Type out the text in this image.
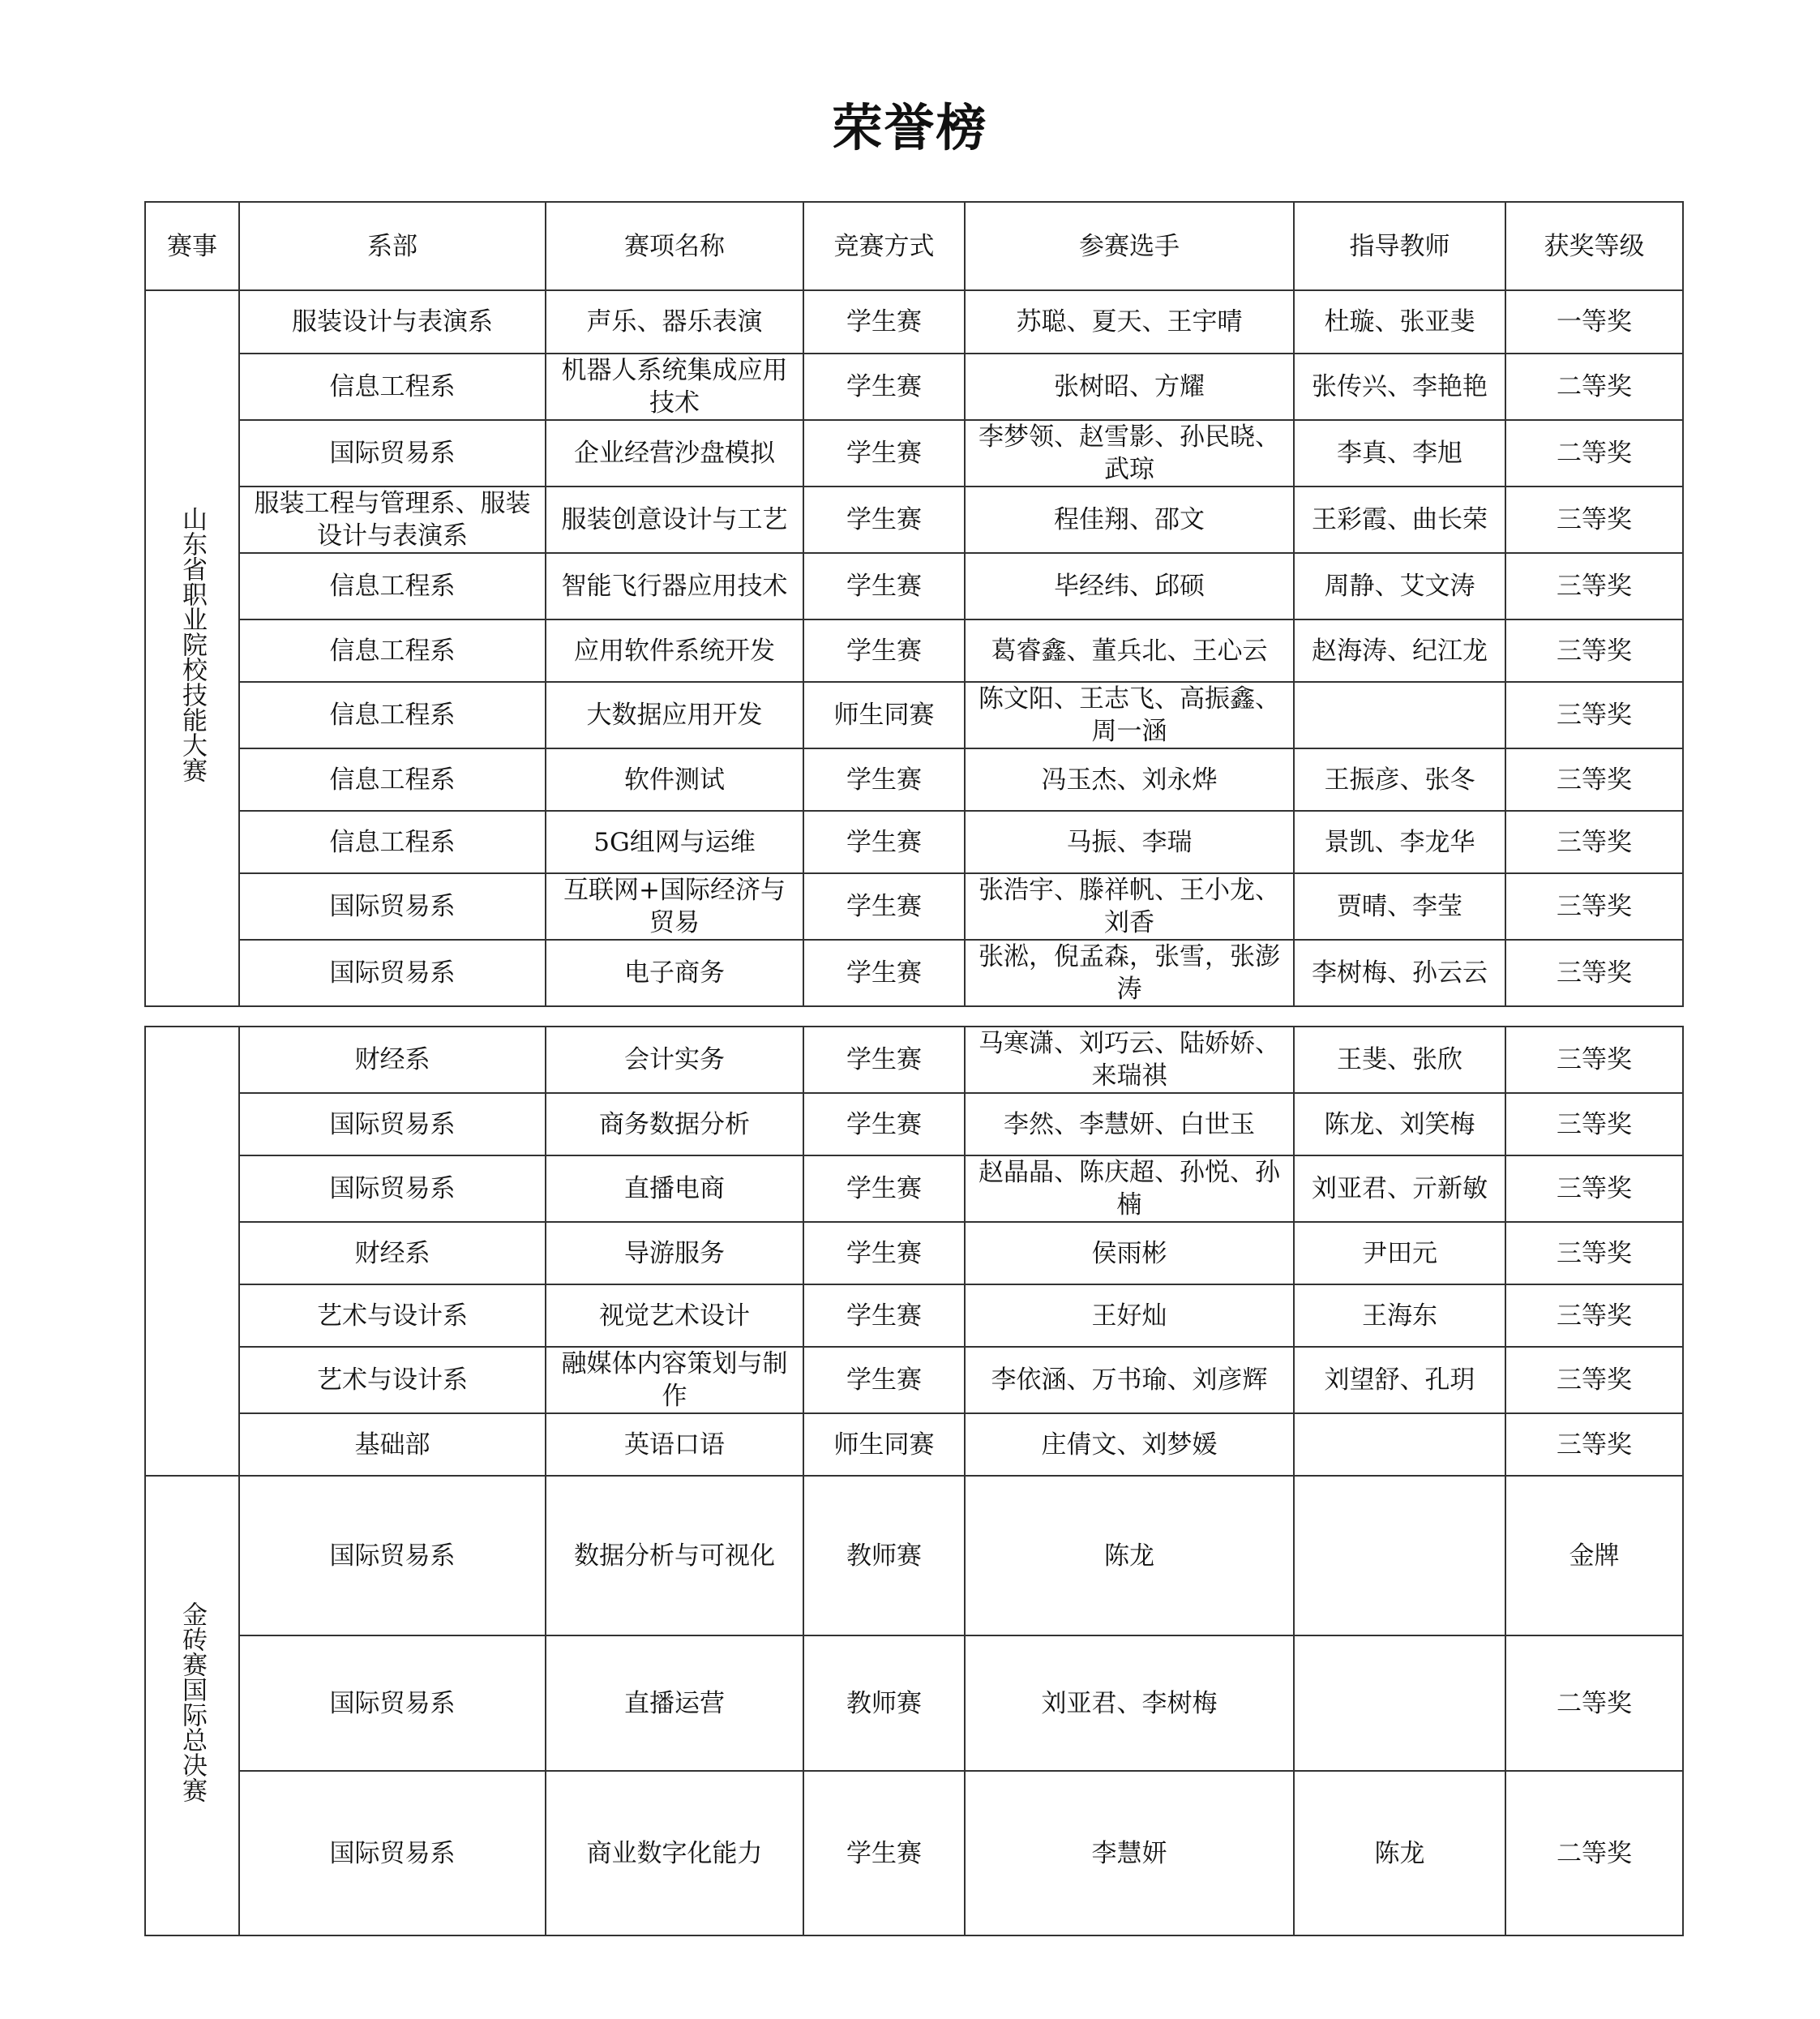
荣誉榜
赛事	系部	赛项名称	竞赛方式	参赛选手	指导教师	获奖等级
山东省职业院校技能大赛	服装设计与表演系	声乐、器乐表演	学生赛	苏聪、夏天、王宇晴	杜璇、张亚斐	一等奖
	信息工程系	机器人系统集成应用技术	学生赛	张树昭、方耀	张传兴、李艳艳	二等奖
	国际贸易系	企业经营沙盘模拟	学生赛	李梦领、赵雪影、孙民晓、武琼	李真、李旭	二等奖
	服装工程与管理系、服装设计与表演系	服装创意设计与工艺	学生赛	程佳翔、邵文	王彩霞、曲长荣	三等奖
	信息工程系	智能飞行器应用技术	学生赛	毕经纬、邱硕	周静、艾文涛	三等奖
	信息工程系	应用软件系统开发	学生赛	葛睿鑫、董兵北、王心云	赵海涛、纪江龙	三等奖
	信息工程系	大数据应用开发	师生同赛	陈文阳、王志飞、高振鑫、周一涵		三等奖
	信息工程系	软件测试	学生赛	冯玉杰、刘永烨	王振彦、张冬	三等奖
	信息工程系	5G组网与运维	学生赛	马振、李瑞	景凯、李龙华	三等奖
	国际贸易系	互联网+国际经济与贸易	学生赛	张浩宇、滕祥帆、王小龙、刘香	贾晴、李莹	三等奖
	国际贸易系	电子商务	学生赛	张淞，倪孟森，张雪，张澎涛	李树梅、孙云云	三等奖
	财经系	会计实务	学生赛	马寒潇、刘巧云、陆娇娇、来瑞祺	王斐、张欣	三等奖
	国际贸易系	商务数据分析	学生赛	李然、李慧妍、白世玉	陈龙、刘笑梅	三等奖
	国际贸易系	直播电商	学生赛	赵晶晶、陈庆超、孙悦、孙楠	刘亚君、亓新敏	三等奖
	财经系	导游服务	学生赛	侯雨彬	尹田元	三等奖
	艺术与设计系	视觉艺术设计	学生赛	王好灿	王海东	三等奖
	艺术与设计系	融媒体内容策划与制作	学生赛	李依涵、万书瑜、刘彦辉	刘望舒、孔玥	三等奖
	基础部	英语口语	师生同赛	庄倩文、刘梦媛		三等奖
金砖赛国际总决赛	国际贸易系	数据分析与可视化	教师赛	陈龙		金牌
	国际贸易系	直播运营	教师赛	刘亚君、李树梅		二等奖
	国际贸易系	商业数字化能力	学生赛	李慧妍	陈龙	二等奖
